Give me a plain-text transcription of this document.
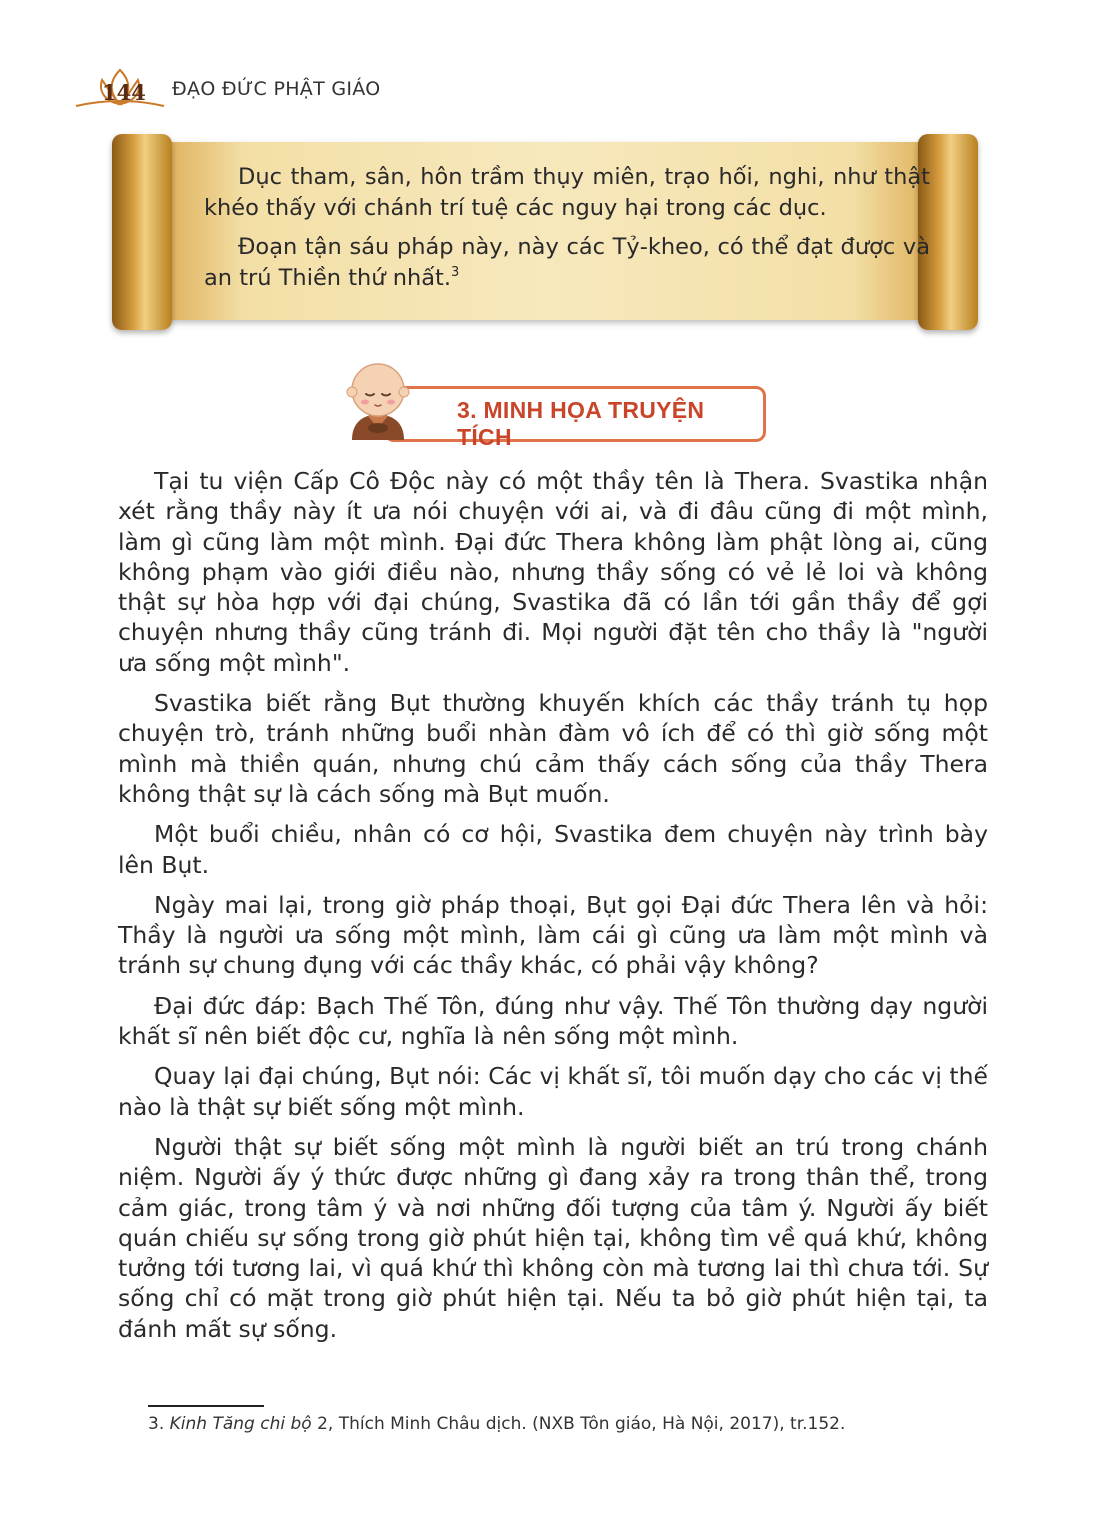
144 ĐẠO ĐỨC PHẬT GIÁO

Dục tham, sân, hôn trầm thụy miên, trạo hối, nghi, như thật khéo thấy với chánh trí tuệ các nguy hại trong các dục.

Đoạn tận sáu pháp này, này các Tỷ-kheo, có thể đạt được và an trú Thiền thứ nhất.$^3$

3. MINH HỌA TRUYỆN TÍCH

Tại tu viện Cấp Cô Độc này có một thầy tên là Thera. Svastika nhận xét rằng thầy này ít ưa nói chuyện với ai, và đi đâu cũng đi một mình, làm gì cũng làm một mình. Đại đức Thera không làm phật lòng ai, cũng không phạm vào giới điều nào, nhưng thầy sống có vẻ lẻ loi và không thật sự hòa hợp với đại chúng, Svastika đã có lần tới gần thầy để gợi chuyện nhưng thầy cũng tránh đi. Mọi người đặt tên cho thầy là "người ưa sống một mình".

Svastika biết rằng Bụt thường khuyến khích các thầy tránh tụ họp chuyện trò, tránh những buổi nhàn đàm vô ích để có thì giờ sống một mình mà thiền quán, nhưng chú cảm thấy cách sống của thầy Thera không thật sự là cách sống mà Bụt muốn.

Một buổi chiều, nhân có cơ hội, Svastika đem chuyện này trình bày lên Bụt.

Ngày mai lại, trong giờ pháp thoại, Bụt gọi Đại đức Thera lên và hỏi: Thầy là người ưa sống một mình, làm cái gì cũng ưa làm một mình và tránh sự chung đụng với các thầy khác, có phải vậy không?

Đại đức đáp: Bạch Thế Tôn, đúng như vậy. Thế Tôn thường dạy người khất sĩ nên biết độc cư, nghĩa là nên sống một mình.

Quay lại đại chúng, Bụt nói: Các vị khất sĩ, tôi muốn dạy cho các vị thế nào là thật sự biết sống một mình.

Người thật sự biết sống một mình là người biết an trú trong chánh niệm. Người ấy ý thức được những gì đang xảy ra trong thân thể, trong cảm giác, trong tâm ý và nơi những đối tượng của tâm ý. Người ấy biết quán chiếu sự sống trong giờ phút hiện tại, không tìm về quá khứ, không tưởng tới tương lai, vì quá khứ thì không còn mà tương lai thì chưa tới. Sự sống chỉ có mặt trong giờ phút hiện tại. Nếu ta bỏ giờ phút hiện tại, ta đánh mất sự sống.

3. Kinh Tăng chi bộ 2, Thích Minh Châu dịch. (NXB Tôn giáo, Hà Nội, 2017), tr.152.
